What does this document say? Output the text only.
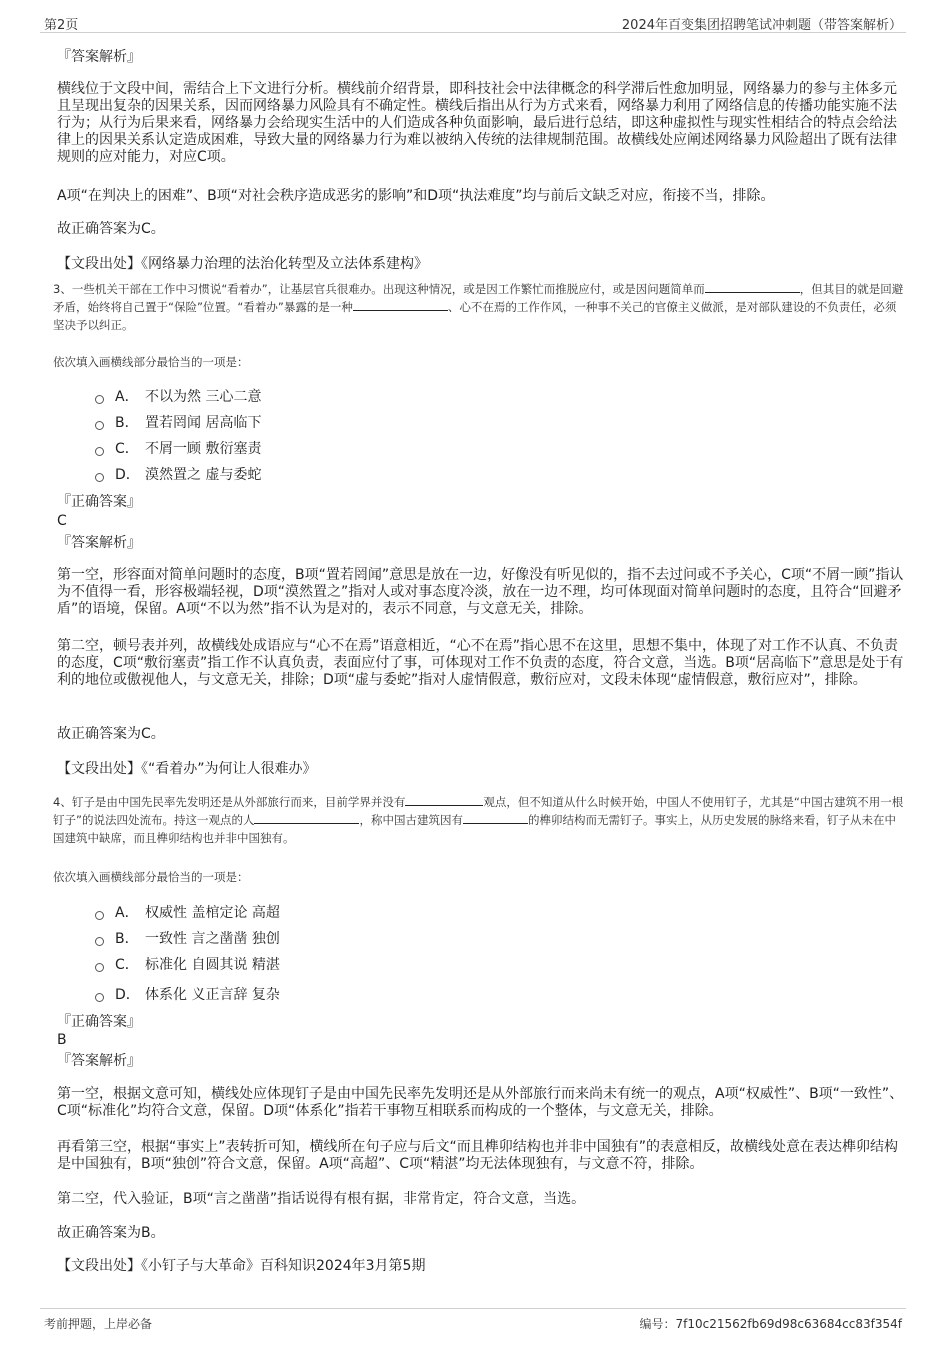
第2页	2024年百变集团招聘笔试冲刺题（带答案解析）
『答案解析』

横线位于文段中间，需结合上下文进行分析。横线前介绍背景，即科技社会中法律概念的科学滞后性愈加明显，网络暴力的参与主体多元且呈现出复杂的因果关系，因而网络暴力风险具有不确定性。横线后指出从行为方式来看，网络暴力利用了网络信息的传播功能实施不法行为；从行为后果来看，网络暴力会给现实生活中的人们造成各种负面影响，最后进行总结，即这种虚拟性与现实性相结合的特点会给法律上的因果关系认定造成困难，导致大量的网络暴力行为难以被纳入传统的法律规制范围。故横线处应阐述网络暴力风险超出了既有法律规则的应对能力，对应C项。

A项“在判决上的困难”、B项“对社会秩序造成恶劣的影响”和D项“执法难度”均与前后文缺乏对应，衔接不当，排除。

故正确答案为C。

【文段出处】《网络暴力治理的法治化转型及立法体系建构》

3、一些机关干部在工作中习惯说“看着办”，让基层官兵很难办。出现这种情况，或是因工作繁忙而推脱应付，或是因问题简单而	，但其目的就是回避矛盾，始终将自己置于“保险”位置。“看着办”暴露的是一种	、心不在焉的工作作风，一种事不关己的官僚主义做派，是对部队建设的不负责任，必须坚决予以纠正。

依次填入画横线部分最恰当的一项是：

A． 不以为然 三心二意
B． 置若罔闻 居高临下
C． 不屑一顾 敷衍塞责
D． 漠然置之 虚与委蛇
『正确答案』
C
『答案解析』

第一空，形容面对简单问题时的态度，B项“置若罔闻”意思是放在一边，好像没有听见似的，指不去过问或不予关心，C项“不屑一顾”指认为不值得一看，形容极端轻视，D项“漠然置之”指对人或对事态度冷淡，放在一边不理，均可体现面对简单问题时的态度，且符合“回避矛盾”的语境，保留。A项“不以为然”指不认为是对的，表示不同意，与文意无关，排除。

第二空，顿号表并列，故横线处成语应与“心不在焉”语意相近，“心不在焉”指心思不在这里，思想不集中，体现了对工作不认真、不负责的态度，C项“敷衍塞责”指工作不认真负责，表面应付了事，可体现对工作不负责的态度，符合文意，当选。B项“居高临下”意思是处于有利的地位或傲视他人，与文意无关，排除；D项“虚与委蛇”指对人虚情假意，敷衍应对，文段未体现“虚情假意，敷衍应对”，排除。

故正确答案为C。

【文段出处】《“看着办”为何让人很难办》

4、钉子是由中国先民率先发明还是从外部旅行而来，目前学界并没有	观点，但不知道从什么时候开始，中国人不使用钉子，尤其是“中国古建筑不用一根钉子”的说法四处流布。持这一观点的人	，称中国古建筑因有	的榫卯结构而无需钉子。事实上，从历史发展的脉络来看，钉子从未在中国建筑中缺席，而且榫卯结构也并非中国独有。

依次填入画横线部分最恰当的一项是：

A． 权威性 盖棺定论 高超
B． 一致性 言之凿凿 独创
C． 标准化 自圆其说 精湛
D． 体系化 义正言辞 复杂
『正确答案』
B
『答案解析』

第一空，根据文意可知，横线处应体现钉子是由中国先民率先发明还是从外部旅行而来尚未有统一的观点，A项“权威性”、B项“一致性”、C项“标准化”均符合文意，保留。D项“体系化”指若干事物互相联系而构成的一个整体，与文意无关，排除。

再看第三空，根据“事实上”表转折可知，横线所在句子应与后文“而且榫卯结构也并非中国独有”的表意相反，故横线处意在表达榫卯结构是中国独有，B项“独创”符合文意，保留。A项“高超”、C项“精湛”均无法体现独有，与文意不符，排除。

第二空，代入验证，B项“言之凿凿”指话说得有根有据，非常肯定，符合文意，当选。

故正确答案为B。

【文段出处】《小钉子与大革命》百科知识2024年3月第5期

考前押题，上岸必备	编号：7f10c21562fb69d98c63684cc83f354f
